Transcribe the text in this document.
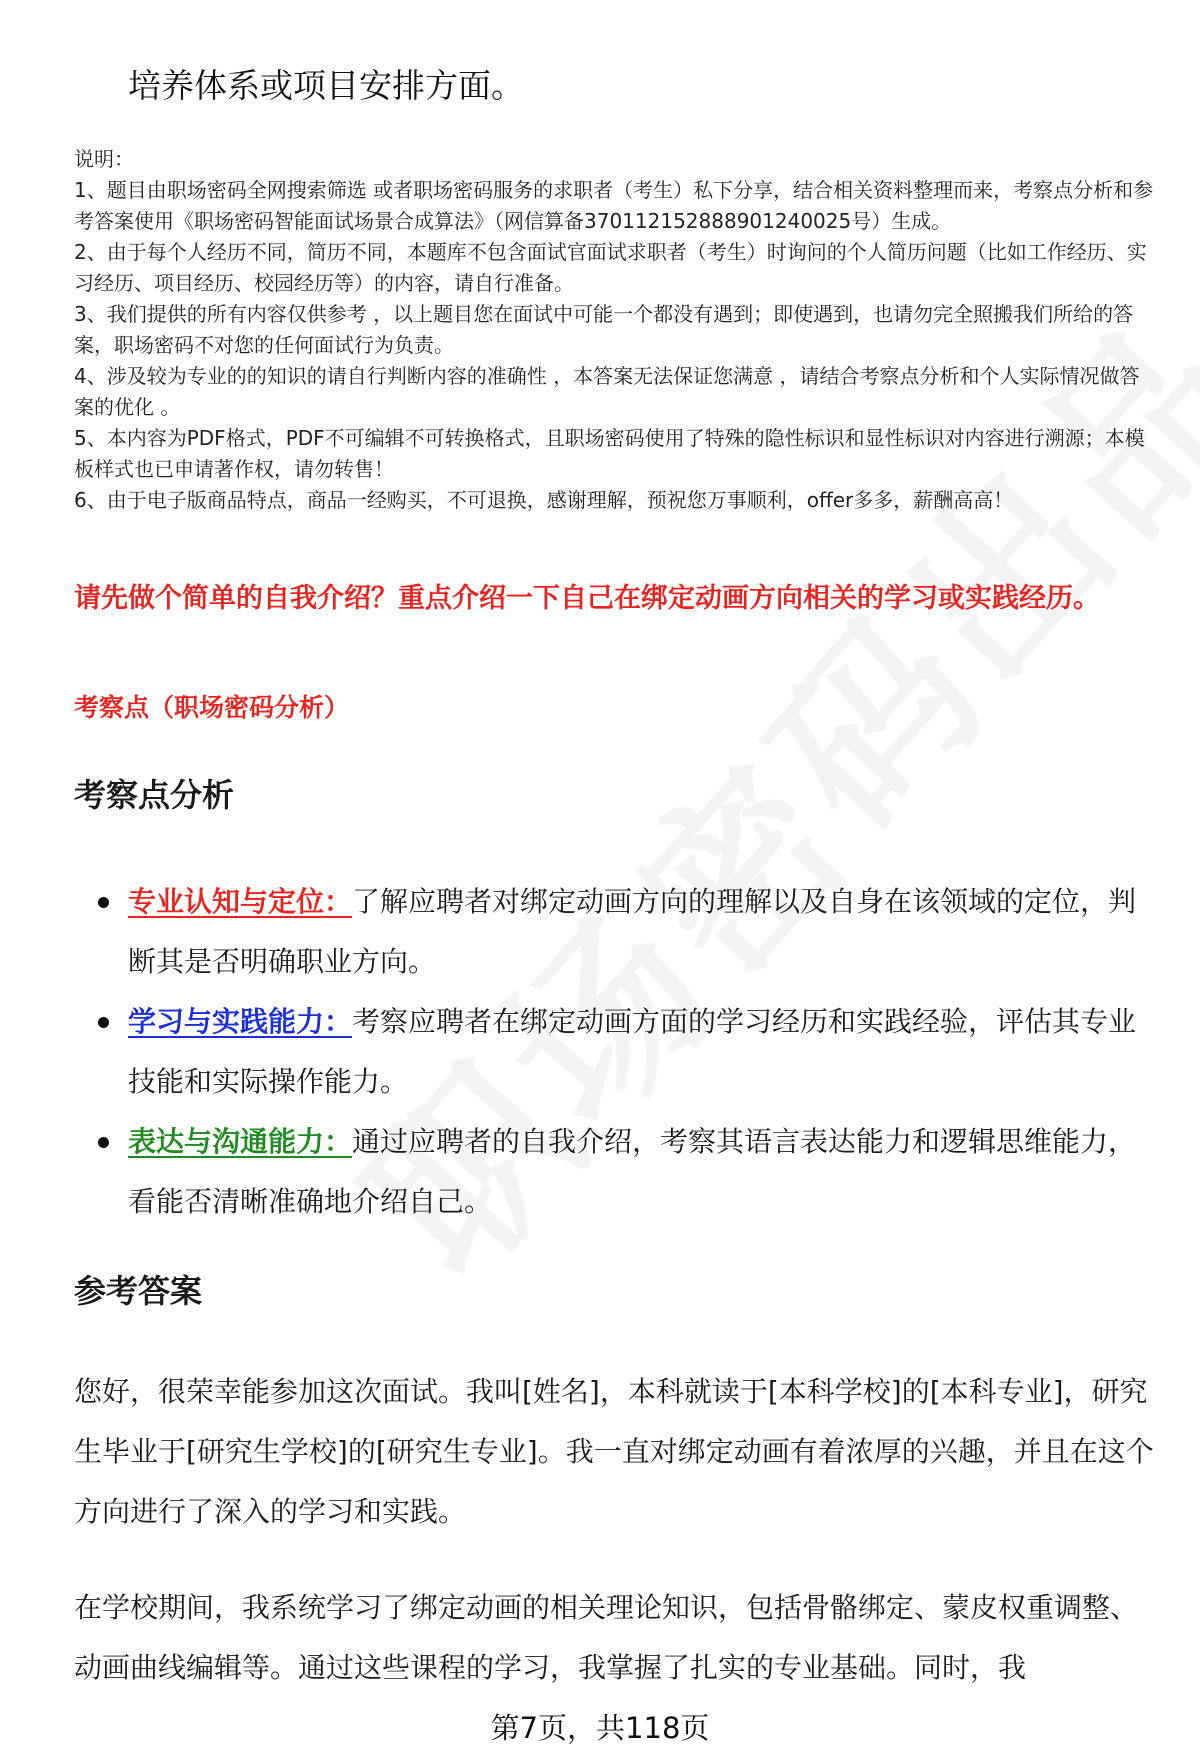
培养体系或项目安排方面。

说明：

1、题目由职场密码全网搜索筛选 或者职场密码服务的求职者（考生）私下分享，结合相关资料整理而来，考察点分析和参考答案使用《职场密码智能面试场景合成算法》（网信算备370112152888901240025号）生成。

2、由于每个人经历不同，简历不同，本题库不包含面试官面试求职者（考生）时询问的个人简历问题（比如工作经历、实习经历、项目经历、校园经历等）的内容，请自行准备。

3、我们提供的所有内容仅供参考 ，以上题目您在面试中可能一个都没有遇到；即使遇到，也请勿完全照搬我们所给的答案，职场密码不对您的任何面试行为负责。

4、涉及较为专业的的知识的请自行判断内容的准确性 ，本答案无法保证您满意 ，请结合考察点分析和个人实际情况做答案的优化 。

5、本内容为PDF格式，PDF不可编辑不可转换格式，且职场密码使用了特殊的隐性标识和显性标识对内容进行溯源；本模板样式也已申请著作权，请勿转售！

6、由于电子版商品特点，商品一经购买，不可退换，感谢理解，预祝您万事顺利，offer多多，薪酬高高！

请先做个简单的自我介绍？重点介绍一下自己在绑定动画方向相关的学习或实践经历。

考察点（职场密码分析）

考察点分析
专业认知与定位：了解应聘者对绑定动画方向的理解以及自身在该领域的定位，判断其是否明确职业方向。
学习与实践能力：考察应聘者在绑定动画方面的学习经历和实践经验，评估其专业技能和实际操作能力。
表达与沟通能力：通过应聘者的自我介绍，考察其语言表达能力和逻辑思维能力，看能否清晰准确地介绍自己。
参考答案

您好，很荣幸能参加这次面试。我叫[姓名]，本科就读于[本科学校]的[本科专业]，研究生毕业于[研究生学校]的[研究生专业]。我一直对绑定动画有着浓厚的兴趣，并且在这个方向进行了深入的学习和实践。

在学校期间，我系统学习了绑定动画的相关理论知识，包括骨骼绑定、蒙皮权重调整、动画曲线编辑等。通过这些课程的学习，我掌握了扎实的专业基础。同时，我

第7页，共118页
